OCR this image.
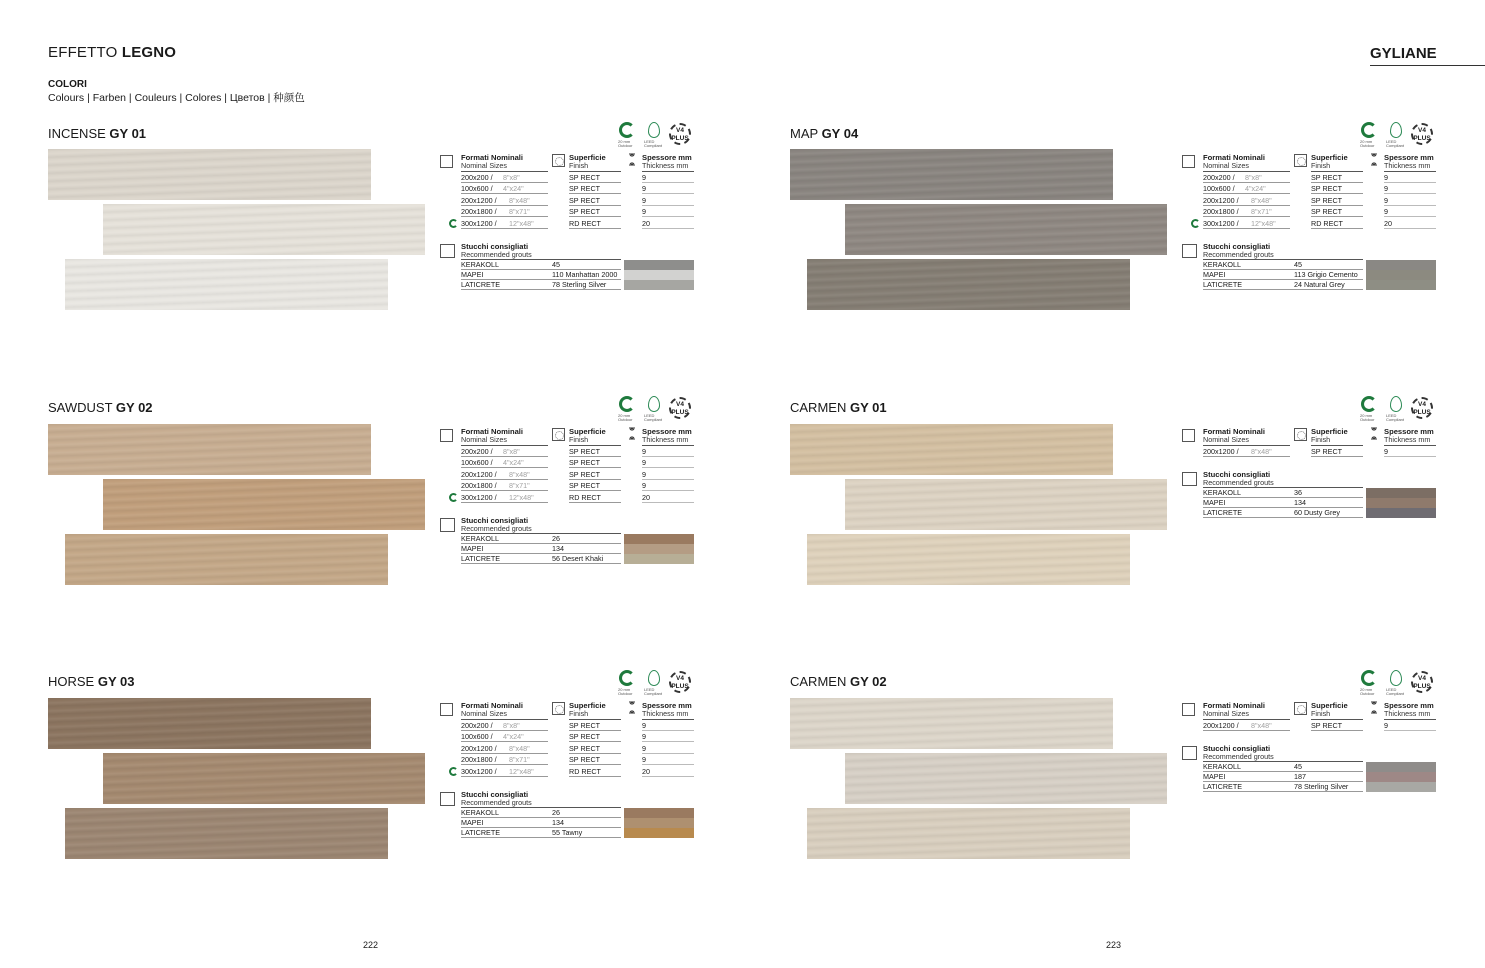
EFFETTO LEGNO
COLORI
Colours | Farben | Couleurs | Colores | Цветов | 种颜色
GYLIANE
INCENSE GY 01
20 mm Outdoor
LEED Compliant
V4 PLUS
Formati Nominali
Nominal Sizes
Superficie
Finish
Spessore mm
Thickness mm
200x200 / 8"x8"	SP RECT	9
100x600 / 4"x24"	SP RECT	9
200x1200 / 8"x48"	SP RECT	9
200x1800 / 8"x71"	SP RECT	9
300x1200 / 12"x48"	RD RECT	20
Stucchi consigliati
Recommended grouts
KERAKOLL	45
MAPEI	110 Manhattan 2000
LATICRETE	78 Sterling Silver
SAWDUST GY 02
20 mm Outdoor
LEED Compliant
V4 PLUS
Formati Nominali
Nominal Sizes
Superficie
Finish
Spessore mm
Thickness mm
200x200 / 8"x8"	SP RECT	9
100x600 / 4"x24"	SP RECT	9
200x1200 / 8"x48"	SP RECT	9
200x1800 / 8"x71"	SP RECT	9
300x1200 / 12"x48"	RD RECT	20
Stucchi consigliati
Recommended grouts
KERAKOLL	26
MAPEI	134
LATICRETE	56 Desert Khaki
HORSE GY 03
20 mm Outdoor
LEED Compliant
V4 PLUS
Formati Nominali
Nominal Sizes
Superficie
Finish
Spessore mm
Thickness mm
200x200 / 8"x8"	SP RECT	9
100x600 / 4"x24"	SP RECT	9
200x1200 / 8"x48"	SP RECT	9
200x1800 / 8"x71"	SP RECT	9
300x1200 / 12"x48"	RD RECT	20
Stucchi consigliati
Recommended grouts
KERAKOLL	26
MAPEI	134
LATICRETE	55 Tawny
MAP GY 04
20 mm Outdoor
LEED Compliant
V4 PLUS
Formati Nominali
Nominal Sizes
Superficie
Finish
Spessore mm
Thickness mm
200x200 / 8"x8"	SP RECT	9
100x600 / 4"x24"	SP RECT	9
200x1200 / 8"x48"	SP RECT	9
200x1800 / 8"x71"	SP RECT	9
300x1200 / 12"x48"	RD RECT	20
Stucchi consigliati
Recommended grouts
KERAKOLL	45
MAPEI	113 Grigio Cemento
LATICRETE	24 Natural Grey
CARMEN GY 01
20 mm Outdoor
LEED Compliant
V4 PLUS
Formati Nominali
Nominal Sizes
Superficie
Finish
Spessore mm
Thickness mm
200x1200 / 8"x48"	SP RECT	9
Stucchi consigliati
Recommended grouts
KERAKOLL	36
MAPEI	134
LATICRETE	60 Dusty Grey
CARMEN GY 02
20 mm Outdoor
LEED Compliant
V4 PLUS
Formati Nominali
Nominal Sizes
Superficie
Finish
Spessore mm
Thickness mm
200x1200 / 8"x48"	SP RECT	9
Stucchi consigliati
Recommended grouts
KERAKOLL	45
MAPEI	187
LATICRETE	78 Sterling Silver
222	223
